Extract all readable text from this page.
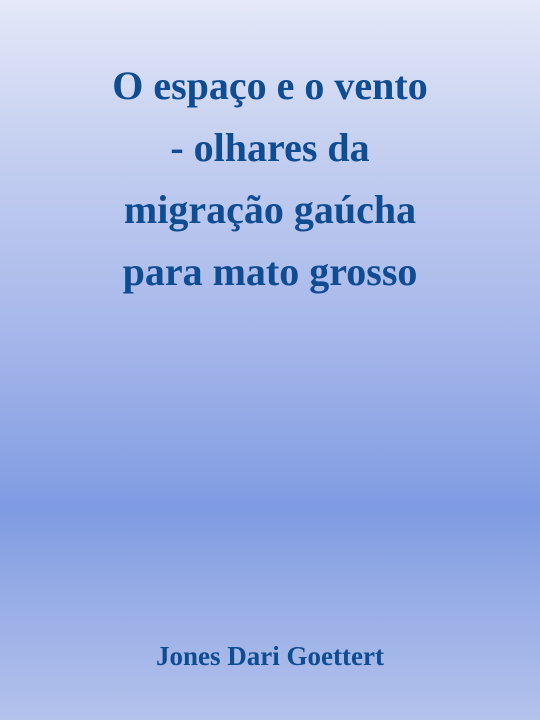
O espaço e o vento
- olhares da
migração gaúcha
para mato grosso

Jones Dari Goettert
